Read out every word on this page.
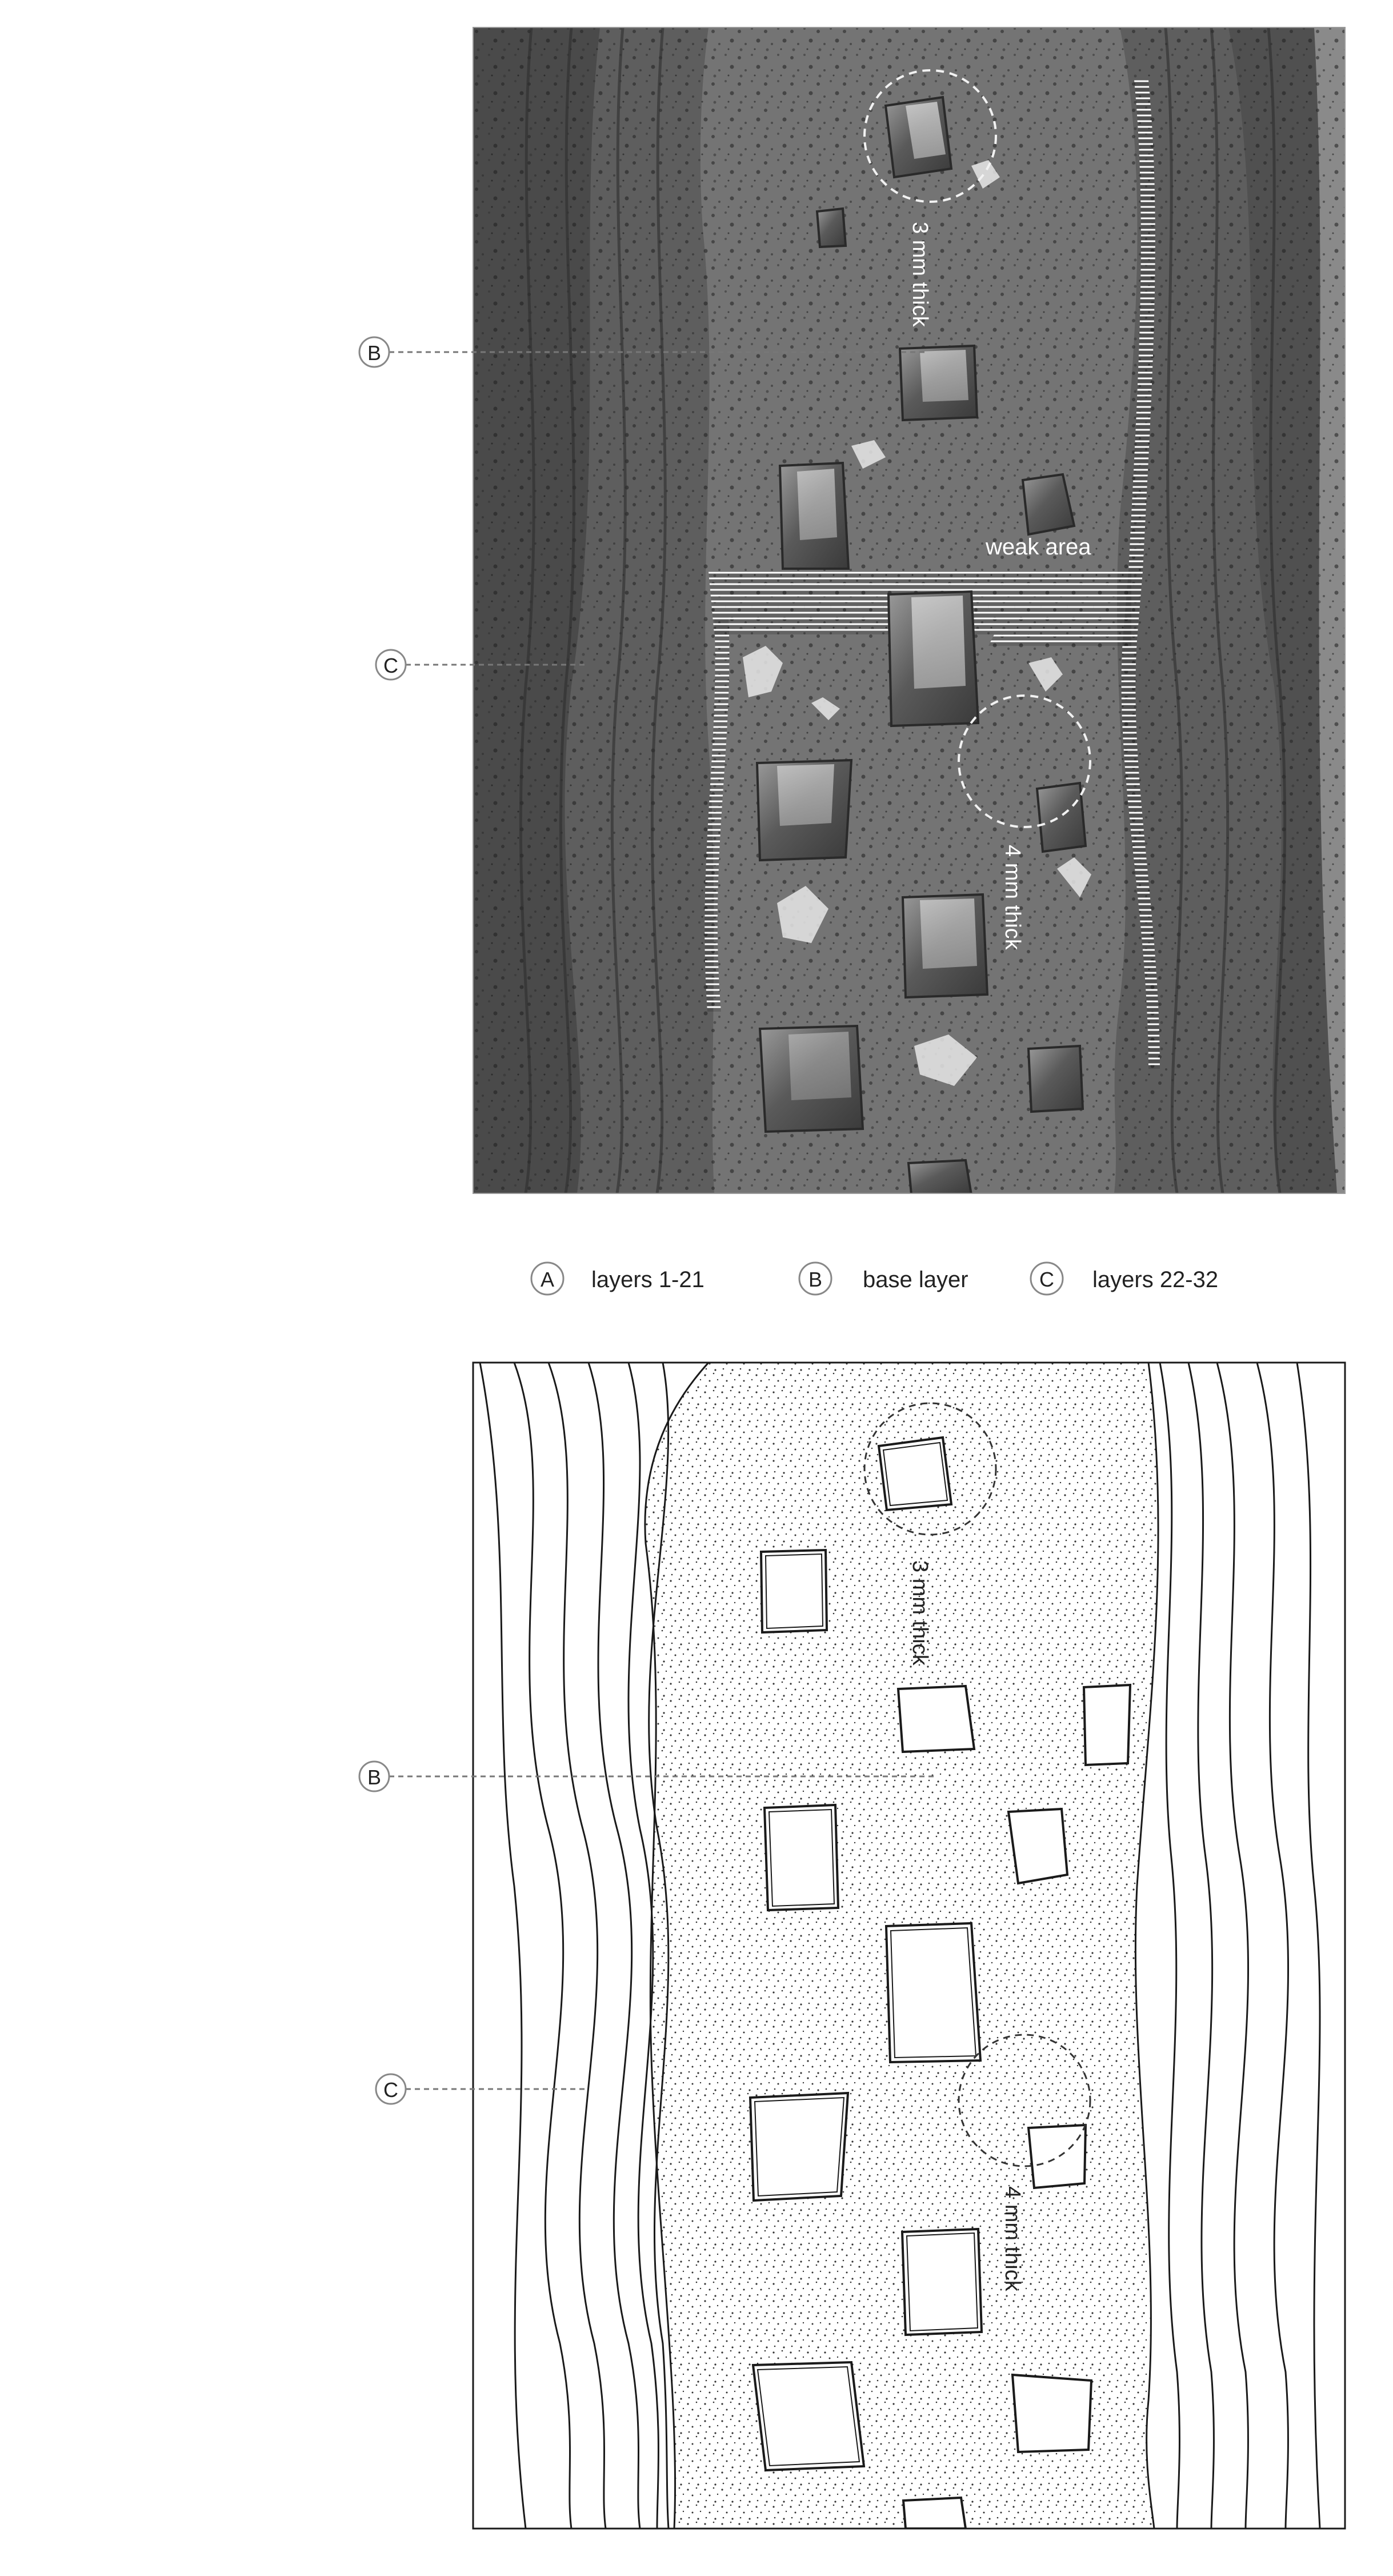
3 mm thick
4 mm thick
weak area
B
C
A layers 1-21	B base layer	C layers 22-32
3 mm thick
4 mm thick
B
C
